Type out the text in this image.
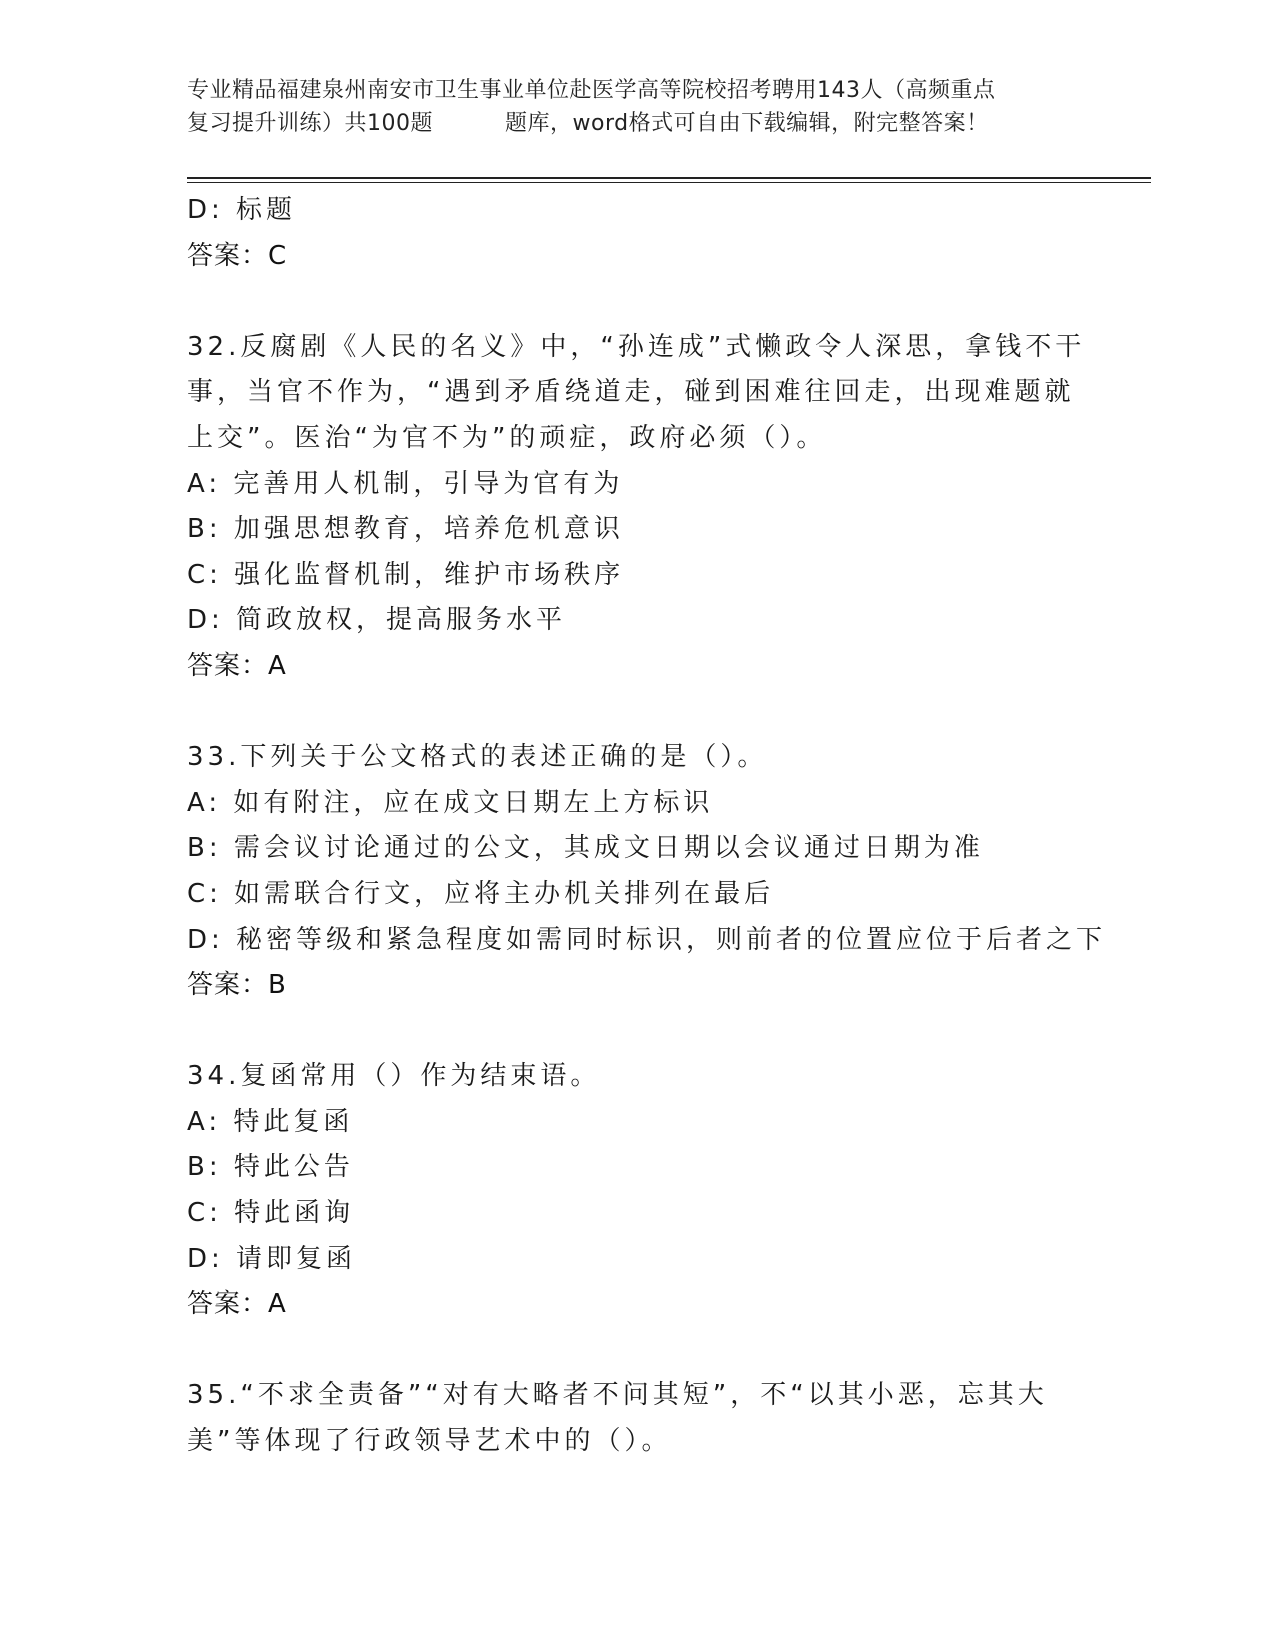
专业精品福建泉州南安市卫生事业单位赴医学高等院校招考聘用143人（高频重点
复习提升训练）共100题	题库，word格式可自由下载编辑，附完整答案！
D: 标题
答案：C
32.反腐剧《人民的名义》中，“孙连成”式懒政令人深思，拿钱不干
事，当官不作为，“遇到矛盾绕道走，碰到困难往回走，出现难题就
上交”。医治“为官不为”的顽症，政府必须（）。
A: 完善用人机制，引导为官有为
B: 加强思想教育，培养危机意识
C: 强化监督机制，维护市场秩序
D: 简政放权，提高服务水平
答案：A
33.下列关于公文格式的表述正确的是（）。
A: 如有附注，应在成文日期左上方标识
B: 需会议讨论通过的公文，其成文日期以会议通过日期为准
C: 如需联合行文，应将主办机关排列在最后
D: 秘密等级和紧急程度如需同时标识，则前者的位置应位于后者之下
答案：B
34.复函常用（）作为结束语。
A: 特此复函
B: 特此公告
C: 特此函询
D: 请即复函
答案：A
35.“不求全责备”“对有大略者不问其短”，不“以其小恶，忘其大
美”等体现了行政领导艺术中的（）。
